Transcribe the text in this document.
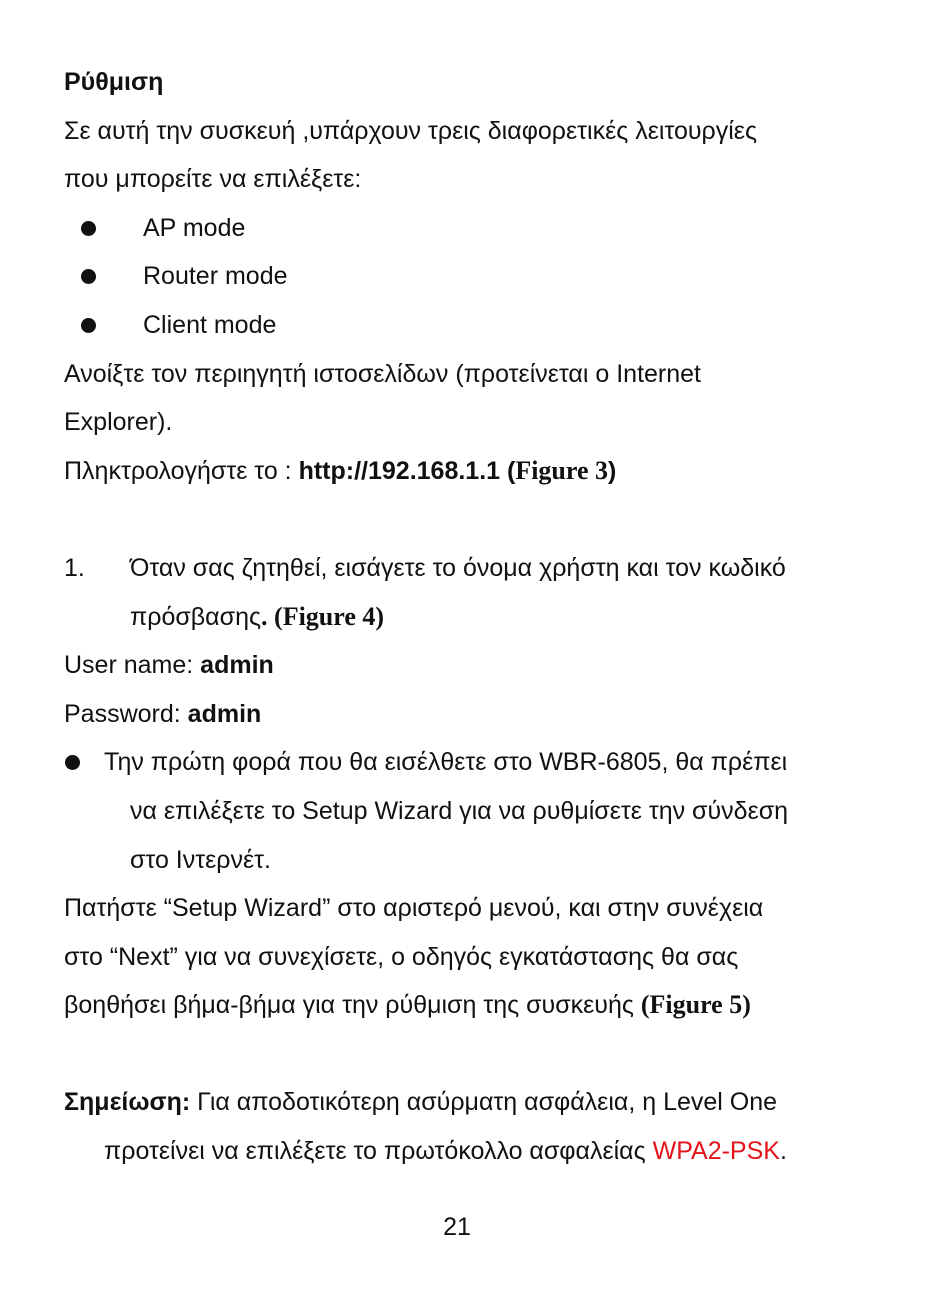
Ρύθμιση
Σε αυτή την συσκευή ,υπάρχουν τρεις διαφορετικές λειτουργίες
που μπορείτε να επιλέξετε:
AP mode
Router mode
Client mode
Ανοίξτε τον περιηγητή ιστοσελίδων (προτείνεται ο Internet
Explorer).
Πληκτρολογήστε το : http://192.168.1.1 (Figure 3)
1. Όταν σας ζητηθεί, εισάγετε το όνομα χρήστη και τον κωδικό
πρόσβασης. (Figure 4)
User name: admin
Password: admin
Την πρώτη φορά που θα εισέλθετε στο WBR-6805, θα πρέπει
να επιλέξετε το Setup Wizard για να ρυθμίσετε την σύνδεση
στο Ιντερνέτ.
Πατήστε “Setup Wizard” στο αριστερό μενού, και στην συνέχεια
στο “Next” για να συνεχίσετε, ο οδηγός εγκατάστασης θα σας
βοηθήσει βήμα-βήμα για την ρύθμιση της συσκευής (Figure 5)
Σημείωση: Για αποδοτικότερη ασύρματη ασφάλεια, η Level One
προτείνει να επιλέξετε το πρωτόκολλο ασφαλείας WPA2-PSK.
21
